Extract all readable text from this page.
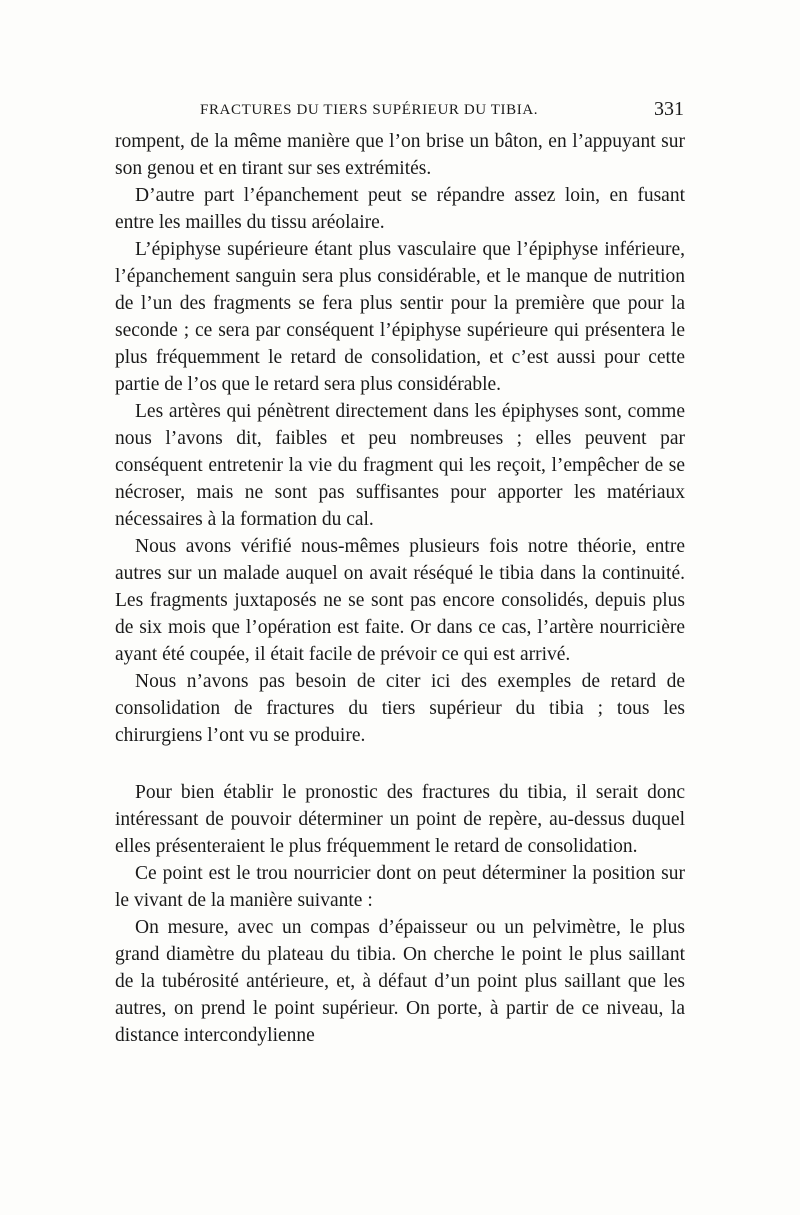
FRACTURES DU TIERS SUPÉRIEUR DU TIBIA.	331

rompent, de la même manière que l’on brise un bâton, en l’appuyant sur son genou et en tirant sur ses extrémités.

D’autre part l’épanchement peut se répandre assez loin, en fusant entre les mailles du tissu aréolaire.

L’épiphyse supérieure étant plus vasculaire que l’épiphyse inférieure, l’épanchement sanguin sera plus considérable, et le manque de nutrition de l’un des fragments se fera plus sentir pour la première que pour la seconde ; ce sera par conséquent l’épiphyse supérieure qui présentera le plus fréquemment le retard de consolidation, et c’est aussi pour cette partie de l’os que le retard sera plus considérable.

Les artères qui pénètrent directement dans les épiphyses sont, comme nous l’avons dit, faibles et peu nombreuses ; elles peuvent par conséquent entretenir la vie du fragment qui les reçoit, l’empêcher de se nécroser, mais ne sont pas suffisantes pour apporter les matériaux nécessaires à la formation du cal.

Nous avons vérifié nous-mêmes plusieurs fois notre théorie, entre autres sur un malade auquel on avait réséqué le tibia dans la continuité. Les fragments juxtaposés ne se sont pas encore consolidés, depuis plus de six mois que l’opération est faite. Or dans ce cas, l’artère nourricière ayant été coupée, il était facile de prévoir ce qui est arrivé.

Nous n’avons pas besoin de citer ici des exemples de retard de consolidation de fractures du tiers supérieur du tibia ; tous les chirurgiens l’ont vu se produire.

Pour bien établir le pronostic des fractures du tibia, il serait donc intéressant de pouvoir déterminer un point de repère, au-dessus duquel elles présenteraient le plus fréquemment le retard de consolidation.

Ce point est le trou nourricier dont on peut déterminer la position sur le vivant de la manière suivante :

On mesure, avec un compas d’épaisseur ou un pelvimètre, le plus grand diamètre du plateau du tibia. On cherche le point le plus saillant de la tubérosité antérieure, et, à défaut d’un point plus saillant que les autres, on prend le point supérieur. On porte, à partir de ce niveau, la distance intercondylienne
